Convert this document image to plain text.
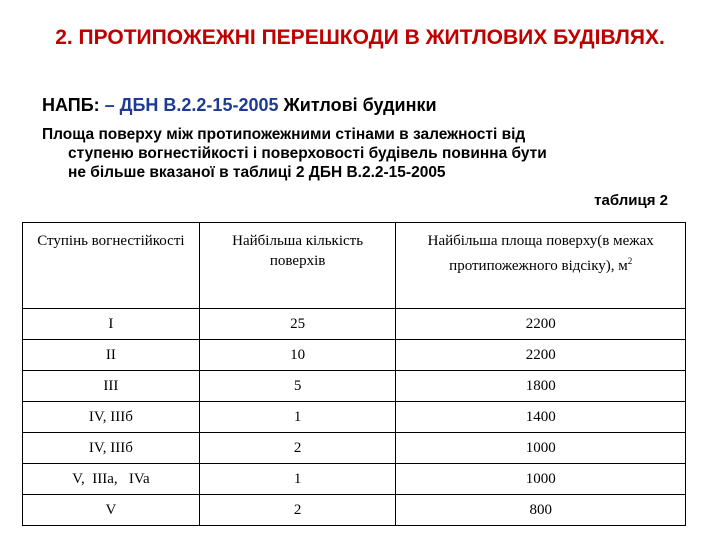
2. ПРОТИПОЖЕЖНІ ПЕРЕШКОДИ В ЖИТЛОВИХ БУДІВЛЯХ.
НАПБ: – ДБН В.2.2-15-2005 Житлові будинки
Площа поверху між протипожежними стінами в залежності від
ступеню вогнестійкості і поверховості будівель повинна бути
не більше вказаної в таблиці 2 ДБН В.2.2-15-2005
таблиця 2
Ступінь вогнестійкості	Найбільша кількість поверхів	Найбільша площа поверху(в межах протипожежного відсіку), $м^2$
I	25	2200
II	10	2200
III	5	1800
IV, IIIб	1	1400
IV, IIIб	2	1000
V,  IIIa,   IVa	1	1000
V	2	800
